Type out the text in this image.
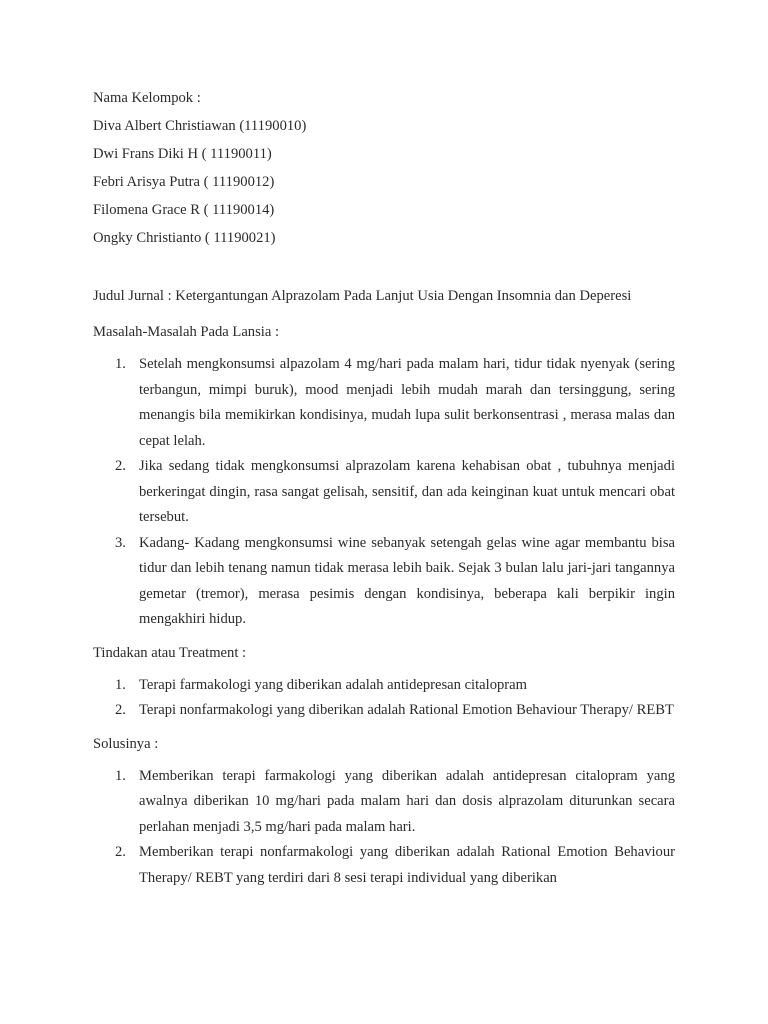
Nama Kelompok :
Diva Albert Christiawan (11190010)
Dwi Frans Diki H ( 11190011)
Febri Arisya Putra ( 11190012)
Filomena Grace R ( 11190014)
Ongky Christianto ( 11190021)
Judul Jurnal : Ketergantungan Alprazolam Pada Lanjut Usia Dengan Insomnia dan Deperesi
Masalah-Masalah Pada Lansia :
1. Setelah mengkonsumsi alpazolam 4 mg/hari pada malam hari, tidur tidak nyenyak (sering terbangun, mimpi buruk), mood menjadi lebih mudah marah dan tersinggung, sering menangis bila memikirkan kondisinya, mudah lupa sulit berkonsentrasi , merasa malas dan cepat lelah.
2. Jika sedang tidak mengkonsumsi alprazolam karena kehabisan obat , tubuhnya menjadi berkeringat dingin, rasa sangat gelisah, sensitif, dan ada keinginan kuat untuk mencari obat tersebut.
3. Kadang- Kadang mengkonsumsi wine sebanyak setengah gelas wine agar membantu bisa tidur dan lebih tenang namun tidak merasa lebih baik. Sejak 3 bulan lalu jari-jari tangannya gemetar (tremor), merasa pesimis dengan kondisinya, beberapa kali berpikir ingin mengakhiri hidup.
Tindakan atau Treatment :
1. Terapi farmakologi yang diberikan adalah antidepresan citalopram
2. Terapi nonfarmakologi yang diberikan adalah Rational Emotion Behaviour Therapy/ REBT
Solusinya :
1. Memberikan terapi farmakologi yang diberikan adalah antidepresan citalopram yang awalnya diberikan 10 mg/hari pada malam hari dan dosis alprazolam diturunkan secara perlahan menjadi 3,5 mg/hari pada malam hari.
2. Memberikan terapi nonfarmakologi yang diberikan adalah Rational Emotion Behaviour Therapy/ REBT yang terdiri dari 8 sesi terapi individual yang diberikan
